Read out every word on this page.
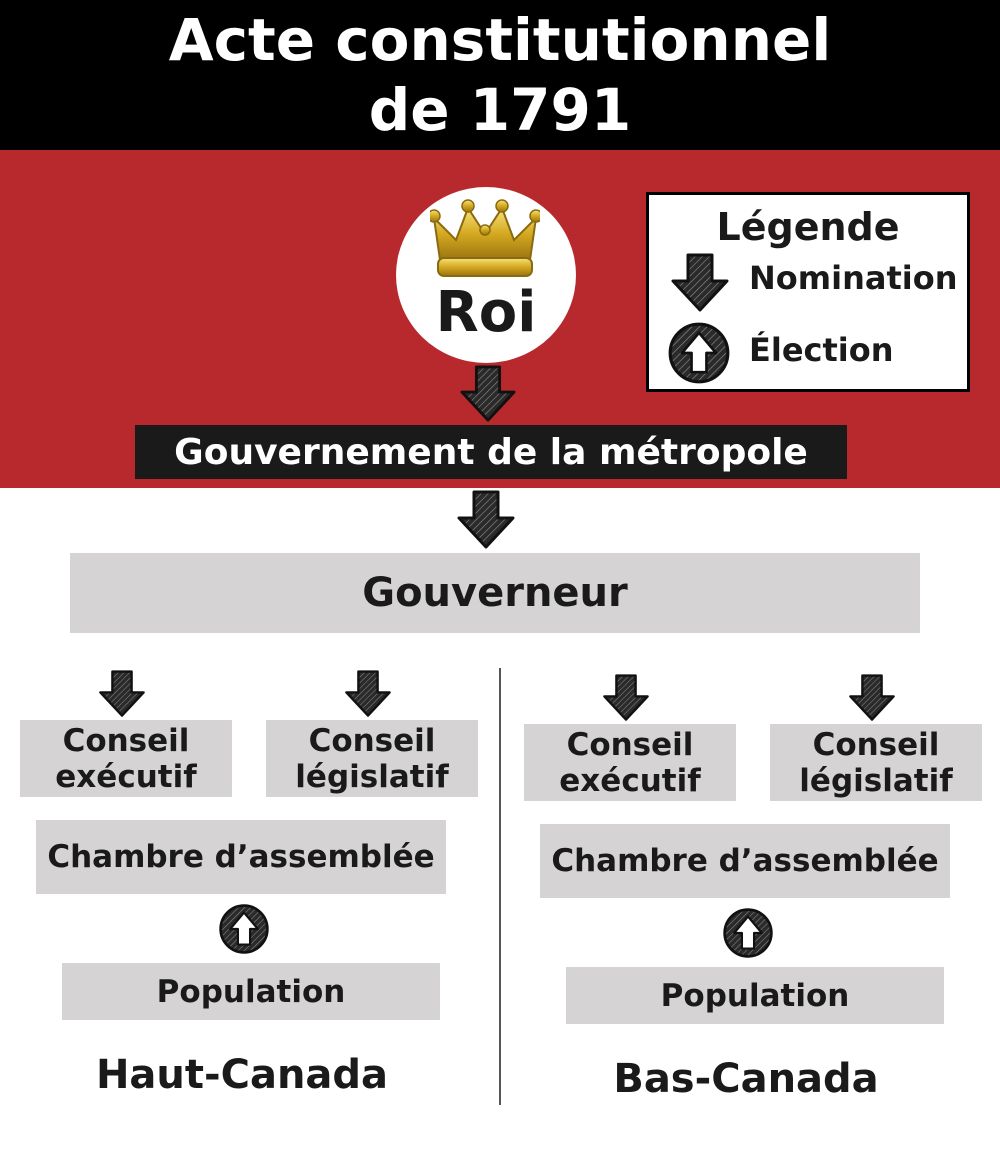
Acte constitutionnel
de 1791
Roi
Légende
Nomination
Élection
Gouvernement de la métropole
Gouverneur
Conseil
exécutif
Conseil
législatif
Chambre d’assemblée
Population
Haut-Canada
Conseil
exécutif
Conseil
législatif
Chambre d’assemblée
Population
Bas-Canada
